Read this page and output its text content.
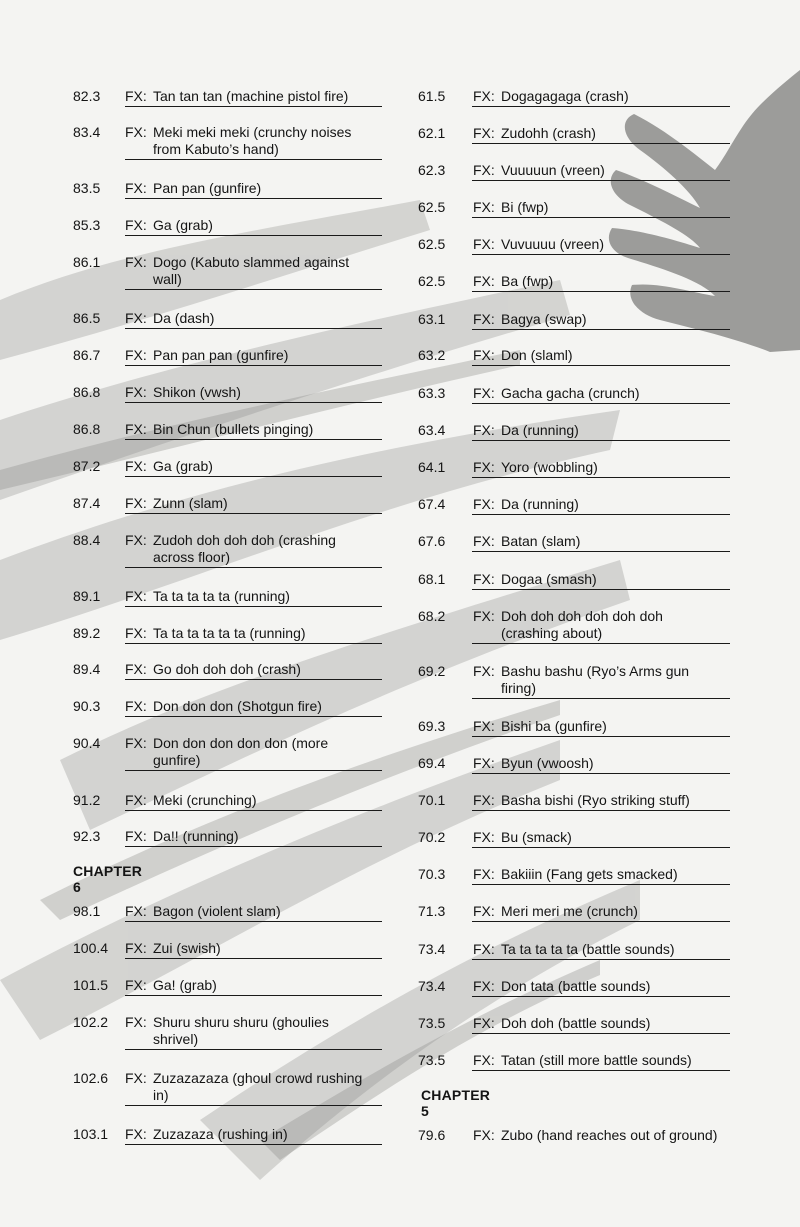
82.3 FX: Tan tan tan (machine pistol fire)
83.4 FX: Meki meki meki (crunchy noises
from Kabuto’s hand)
83.5 FX: Pan pan (gunfire)
85.3 FX: Ga (grab)
86.1 FX: Dogo (Kabuto slammed against
wall)
86.5 FX: Da (dash)
86.7 FX: Pan pan pan (gunfire)
86.8 FX: Shikon (vwsh)
86.8 FX: Bin Chun (bullets pinging)
87.2 FX: Ga (grab)
87.4 FX: Zunn (slam)
88.4 FX: Zudoh doh doh doh (crashing
across floor)
89.1 FX: Ta ta ta ta ta (running)
89.2 FX: Ta ta ta ta ta ta (running)
89.4 FX: Go doh doh doh (crash)
90.3 FX: Don don don (Shotgun fire)
90.4 FX: Don don don don don (more
gunfire)
91.2 FX: Meki (crunching)
92.3 FX: Da!! (running)
CHAPTER 6
98.1 FX: Bagon (violent slam)
100.4 FX: Zui (swish)
101.5 FX: Ga! (grab)
102.2 FX: Shuru shuru shuru (ghoulies
shrivel)
102.6 FX: Zuzazazaza (ghoul crowd rushing
in)
103.1 FX: Zuzazaza (rushing in)
61.5 FX: Dogagagaga (crash)
62.1 FX: Zudohh (crash)
62.3 FX: Vuuuuun (vreen)
62.5 FX: Bi (fwp)
62.5 FX: Vuvuuuu (vreen)
62.5 FX: Ba (fwp)
63.1 FX: Bagya (swap)
63.2 FX: Don (slaml)
63.3 FX: Gacha gacha (crunch)
63.4 FX: Da (running)
64.1 FX: Yoro (wobbling)
67.4 FX: Da (running)
67.6 FX: Batan (slam)
68.1 FX: Dogaa (smash)
68.2 FX: Doh doh doh doh doh doh
(crashing about)
69.2 FX: Bashu bashu (Ryo’s Arms gun
firing)
69.3 FX: Bishi ba (gunfire)
69.4 FX: Byun (vwoosh)
70.1 FX: Basha bishi (Ryo striking stuff)
70.2 FX: Bu (smack)
70.3 FX: Bakiiin (Fang gets smacked)
71.3 FX: Meri meri me (crunch)
73.4 FX: Ta ta ta ta ta (battle sounds)
73.4 FX: Don tata (battle sounds)
73.5 FX: Doh doh (battle sounds)
73.5 FX: Tatan (still more battle sounds)
CHAPTER 5
79.6 FX: Zubo (hand reaches out of ground)
